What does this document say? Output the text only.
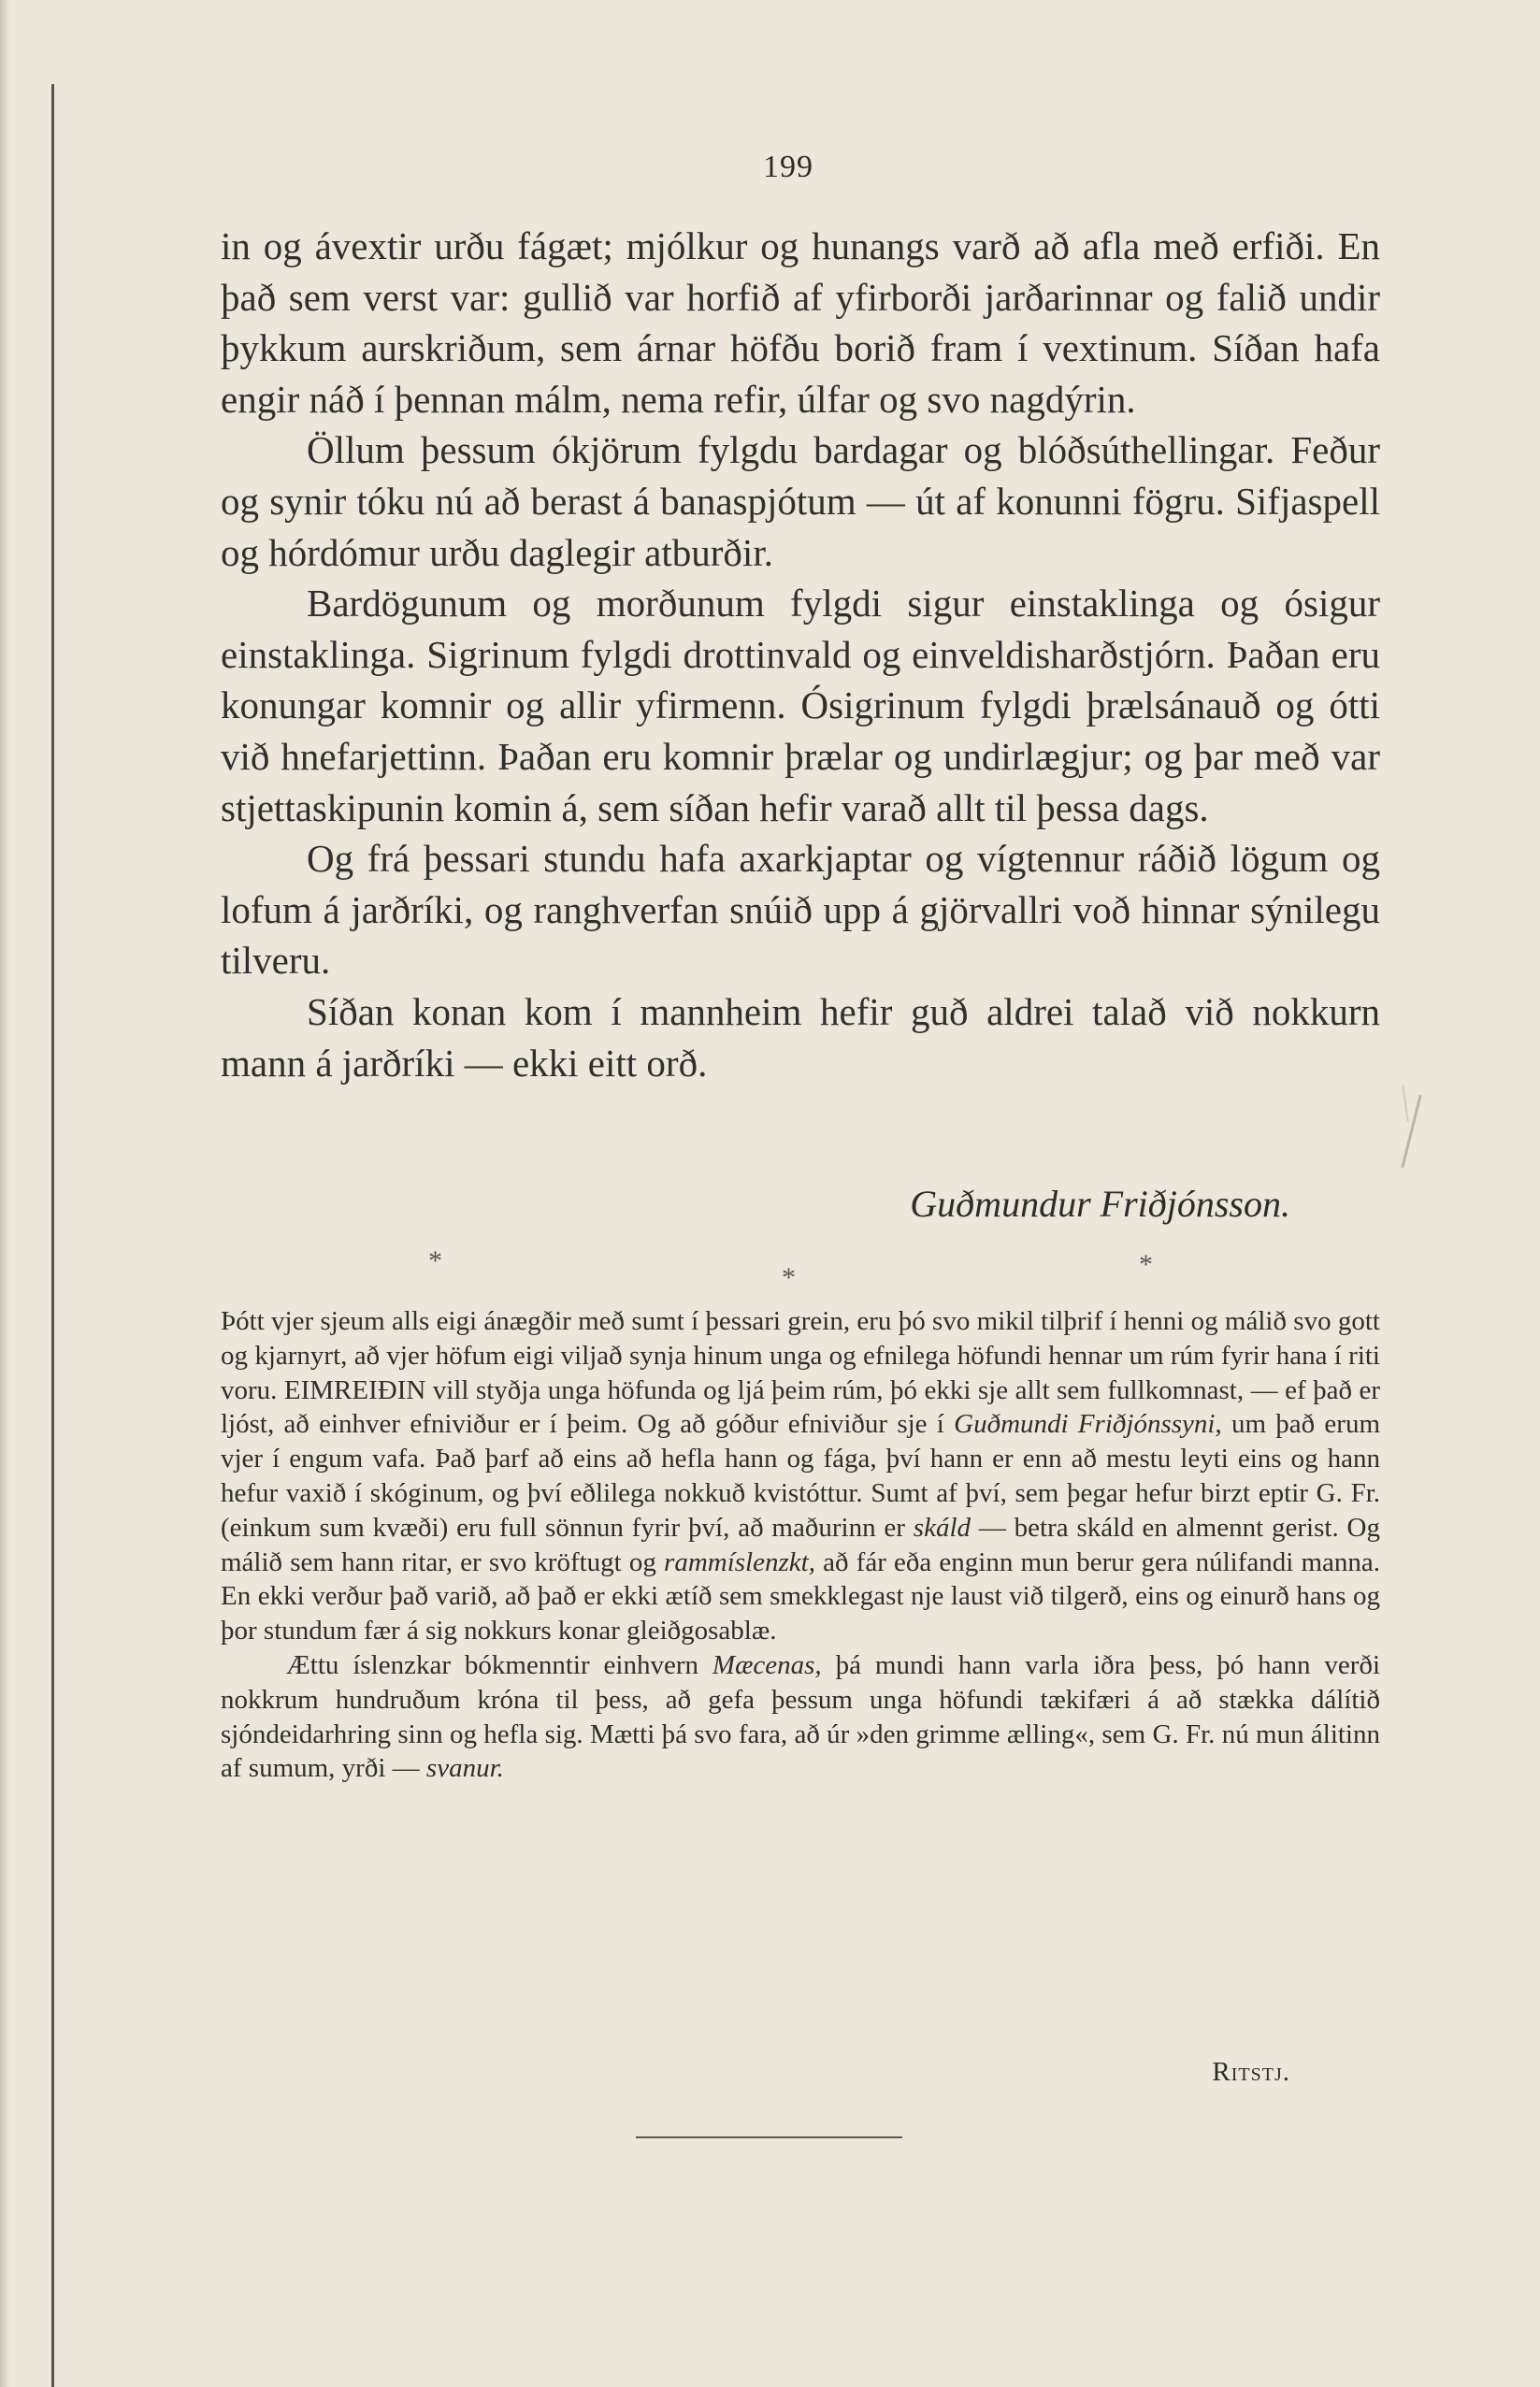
199

in og ávextir urðu fágæt; mjólkur og hunangs varð að afla með erfiði. En það sem verst var: gullið var horfið af yfirborði jarðarinnar og falið undir þykkum aurskriðum, sem árnar höfðu borið fram í vextinum. Síðan hafa engir náð í þennan málm, nema refir, úlfar og svo nagdýrin.

Öllum þessum ókjörum fylgdu bardagar og blóðsúthellingar. Feður og synir tóku nú að berast á banaspjótum — út af konunni fögru. Sifjaspell og hórdómur urðu daglegir atburðir.

Bardögunum og morðunum fylgdi sigur einstaklinga og ósigur einstaklinga. Sigrinum fylgdi drottinvald og einveldisharðstjórn. Þaðan eru konungar komnir og allir yfirmenn. Ósigrinum fylgdi þrælsánauð og ótti við hnefarjettinn. Þaðan eru komnir þrælar og undirlægjur; og þar með var stjettaskipunin komin á, sem síðan hefir varað allt til þessa dags.

Og frá þessari stundu hafa axarkjaptar og vígtennur ráðið lögum og lofum á jarðríki, og ranghverfan snúið upp á gjörvallri voð hinnar sýnilegu tilveru.

Síðan konan kom í mannheim hefir guð aldrei talað við nokkurn mann á jarðríki — ekki eitt orð.

Guðmundur Friðjónsson.
*
*	*

Þótt vjer sjeum alls eigi ánægðir með sumt í þessari grein, eru þó svo mikil tilþrif í henni og málið svo gott og kjarnyrt, að vjer höfum eigi viljað synja hinum unga og efnilega höfundi hennar um rúm fyrir hana í riti voru. EIMREIÐIN vill styðja unga höfunda og ljá þeim rúm, þó ekki sje allt sem fullkomnast, — ef það er ljóst, að einhver efniviður er í þeim. Og að góður efniviður sje í Guðmundi Friðjónssyni, um það erum vjer í engum vafa. Það þarf að eins að hefla hann og fága, því hann er enn að mestu leyti eins og hann hefur vaxið í skóginum, og því eðlilega nokkuð kvistóttur. Sumt af því, sem þegar hefur birzt eptir G. Fr. (einkum sum kvæði) eru full sönnun fyrir því, að maðurinn er skáld — betra skáld en almennt gerist. Og málið sem hann ritar, er svo kröftugt og rammíslenzkt, að fár eða enginn mun berur gera núlifandi manna. En ekki verður það varið, að það er ekki ætíð sem smekklegast nje laust við tilgerð, eins og einurð hans og þor stundum fær á sig nokkurs konar gleiðgosablæ.

Ættu íslenzkar bókmenntir einhvern Mæcenas, þá mundi hann varla iðra þess, þó hann verði nokkrum hundruðum króna til þess, að gefa þessum unga höfundi tækifæri á að stækka dálítið sjóndeidarhring sinn og hefla sig. Mætti þá svo fara, að úr »den grimme ælling«, sem G. Fr. nú mun álitinn af sumum, yrði — svanur.

Ritstj.
